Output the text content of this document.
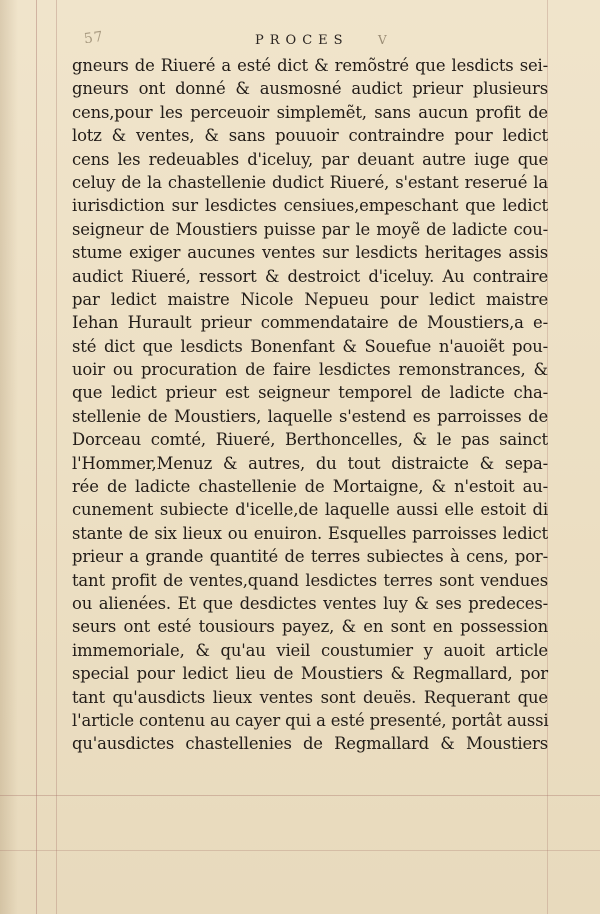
57	PROCES V
gneurs de Riueré a esté dict & remõstré que lesdicts sei-
gneurs ont donné & ausmosné audict prieur plusieurs
cens,pour les perceuoir simplemẽt, sans aucun profit de
lotz & ventes, & sans pouuoir contraindre pour ledict
cens les redeuables d'iceluy, par deuant autre iuge que
celuy de la chastellenie dudict Riueré, s'estant reserué la
iurisdiction sur lesdictes censiues,empeschant que ledict
seigneur de Moustiers puisse par le moyẽ de ladicte cou-
stume exiger aucunes ventes sur lesdicts heritages assis
audict Riueré, ressort & destroict d'iceluy. Au contraire
par ledict maistre Nicole Nepueu pour ledict maistre
Iehan Hurault prieur commendataire de Moustiers,a e-
sté dict que lesdicts Bonenfant & Souefue n'auoiẽt pou-
uoir ou procuration de faire lesdictes remonstrances, &
que ledict prieur est seigneur temporel de ladicte cha-
stellenie de Moustiers, laquelle s'estend es parroisses de
Dorceau comté, Riueré, Berthoncelles, & le pas sainct
l'Hommer,Menuz & autres, du tout distraicte & sepa-
rée de ladicte chastellenie de Mortaigne, & n'estoit au-
cunement subiecte d'icelle,de laquelle aussi elle estoit di
stante de six lieux ou enuiron. Esquelles parroisses ledict
prieur a grande quantité de terres subiectes à cens, por-
tant profit de ventes,quand lesdictes terres sont vendues
ou alienées. Et que desdictes ventes luy & ses predeces-
seurs ont esté tousiours payez, & en sont en possession
immemoriale, & qu'au vieil coustumier y auoit article
special pour ledict lieu de Moustiers & Regmallard, por
tant qu'ausdicts lieux ventes sont deuës. Requerant que
l'article contenu au cayer qui a esté presenté, portât aussi
qu'ausdictes chastellenies de Regmallard & Moustiers
